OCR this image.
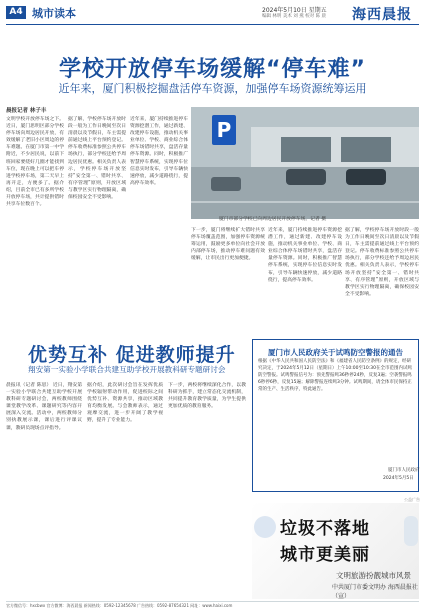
A4 城市读本	2024年5月10日 星期五
编辑 林明 美术 刘 燕 校对 陈 晨 海西晨报
学校开放停车场缓解“停车难”
近年来，厦门积极挖掘盘活停车资源，加强停车场资源统筹运用
晨报记者 林子丰
文明学校开放停车场之下。近日，厦门思明区部分学校停车场向周边居民开放，有效缓解了老旧小区周边的停车难题。在厦门市第一中学附近，不少居民说，以前下班回家要绕好几圈才能找到车位，现在晚上可以把车停进学校停车场，第二天早上再开走，方便多了。据介绍，目前全市已有多所学校开放停车场，共计提供错时共享车位数百个。
据了解，学校停车场开放时段一般为工作日晚间至次日清晨以及节假日，车主需提前通过线上平台预约登记。停车收费标准参照公共停车场执行，部分学校还给予周边居民优惠。相关负责人表示，学校停车场开放坚持“安全第一、错时共享、有序管理”原则，开放区域与教学区实行物理隔离，确保校园安全不受影响。
近年来，厦门持续推进停车资源挖潜工作，通过新建、改建停车设施，推动机关事业单位、学校、商业综合体停车场错时共享，盘活存量停车资源。同时，积极推广智慧停车系统，实现停车位信息实时发布，引导车辆快速停放，减少道路绕行，提高停车效率。
P
厦门市部分学校已向周边居民开放停车场。记者 摄
下一步，厦门将继续扩大错时共享停车场覆盖范围，加强停车资源统筹运用，鼓励更多单位向社会开放内部停车场，推动停车难问题有效缓解，让市民出行更加便捷。
近年来，厦门持续推进停车资源挖潜工作，通过新建、改建停车设施，推动机关事业单位、学校、商业综合体停车场错时共享，盘活存量停车资源。同时，积极推广智慧停车系统，实现停车位信息实时发布，引导车辆快速停放，减少道路绕行，提高停车效率。
据了解，学校停车场开放时段一般为工作日晚间至次日清晨以及节假日，车主需提前通过线上平台预约登记。停车收费标准参照公共停车场执行，部分学校还给予周边居民优惠。相关负责人表示，学校停车场开放坚持“安全第一、错时共享、有序管理”原则，开放区域与教学区实行物理隔离，确保校园安全不受影响。
优势互补 促进教师提升
翔安第一实验小学联合共建互助学校开展教科研专题研讨会
晨报讯（记者 陈思） 近日，翔安第一实验小学联合共建互助学校开展教科研专题研讨会，两校教师围绕课堂教学改革、课题研究等内容开展深入交流。活动中，两校教师分别执教展示课，课后进行评课议课，教研员现场点评指导。
据介绍，此次研讨会旨在发挥优质学校辐射带动作用，促进校际之间优势互补、资源共享，推动区域教育均衡发展。与会教师表示，通过观摩交流，进一步开阔了教学视野，提升了专业能力。
下一步，两校将继续深化合作，以教科研为抓手，建立常态化交流机制，共同提升教育教学质量，为学生提供更加优质的教育服务。
厦门市人民政府关于试鸣防空警报的通告
根据《中华人民共和国人民防空法》和《福建省人民防空条例》的规定，经研究决定，于2024年5月12日（星期日）上午10:00至10:30在全市范围内试鸣防空警报。试鸣警报信号为：预先警报鸣36秒停24秒，反复3遍；空袭警报鸣6秒停6秒，反复15遍；解除警报连续鸣3分钟。试鸣期间，请全体市民保持正常的生产、生活秩序，特此通告。
厦门市人民政府
2024年5月5日
公益广告
垃圾不落地
城市更美丽
文明旅游扮靓城市风景
中共厦门市委文明办 海西晨报社（宣）
官方微信号：hxcbwx 官方微博：海西晨报 新闻热线：0592-12345678 广告热线：0592-87654321 网址：www.haixi.com
